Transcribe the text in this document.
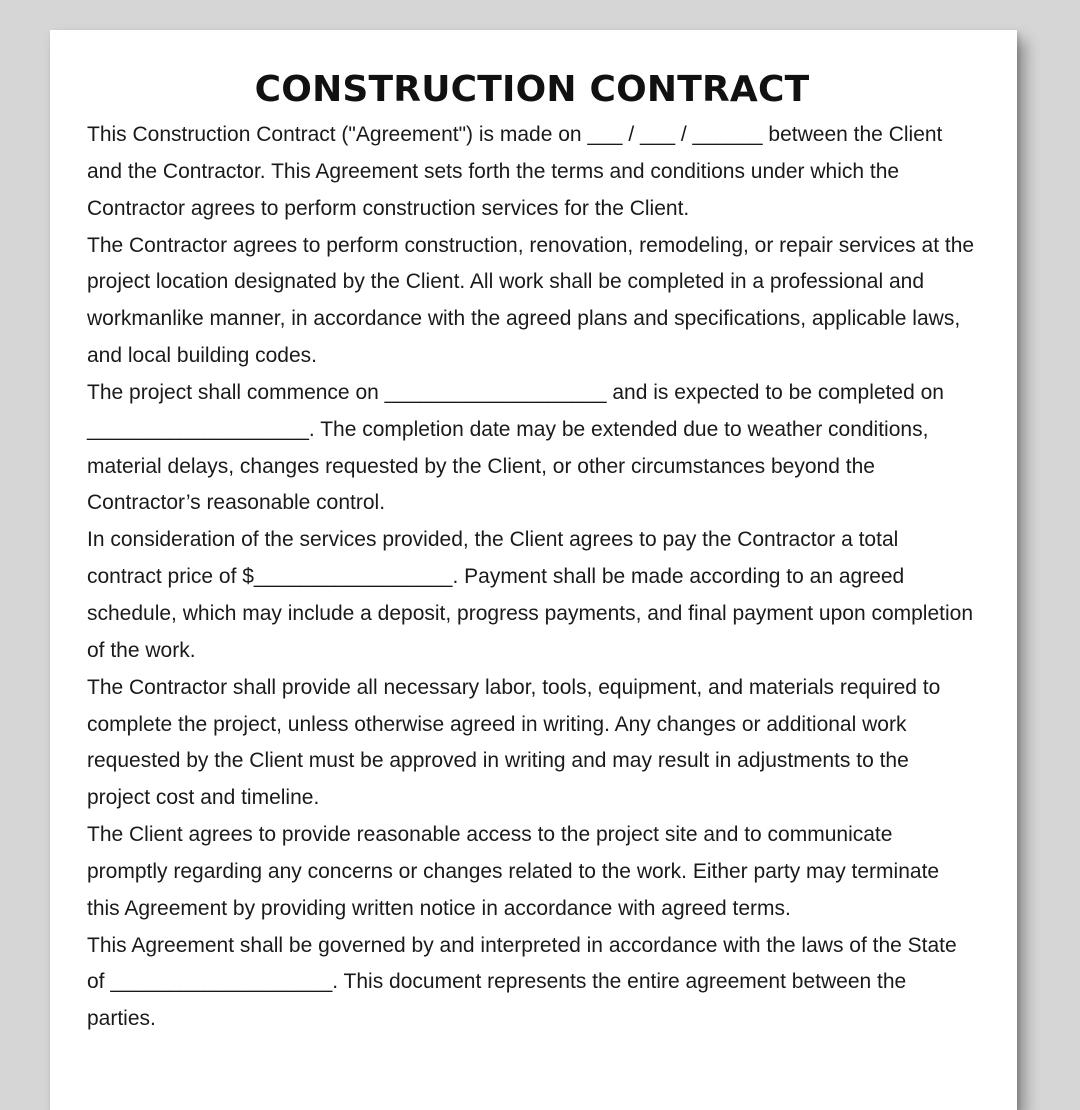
CONSTRUCTION CONTRACT

This Construction Contract ("Agreement") is made on ___ / ___ / ______ between the Client and the Contractor. This Agreement sets forth the terms and conditions under which the Contractor agrees to perform construction services for the Client.

The Contractor agrees to perform construction, renovation, remodeling, or repair services at the project location designated by the Client. All work shall be completed in a professional and workmanlike manner, in accordance with the agreed plans and specifications, applicable laws, and local building codes.

The project shall commence on ___________________ and is expected to be completed on ___________________. The completion date may be extended due to weather conditions, material delays, changes requested by the Client, or other circumstances beyond the Contractor’s reasonable control.

In consideration of the services provided, the Client agrees to pay the Contractor a total contract price of $_________________. Payment shall be made according to an agreed schedule, which may include a deposit, progress payments, and final payment upon completion of the work.

The Contractor shall provide all necessary labor, tools, equipment, and materials required to complete the project, unless otherwise agreed in writing. Any changes or additional work requested by the Client must be approved in writing and may result in adjustments to the project cost and timeline.

The Client agrees to provide reasonable access to the project site and to communicate promptly regarding any concerns or changes related to the work. Either party may terminate this Agreement by providing written notice in accordance with agreed terms.

This Agreement shall be governed by and interpreted in accordance with the laws of the State of ___________________. This document represents the entire agreement between the parties.
